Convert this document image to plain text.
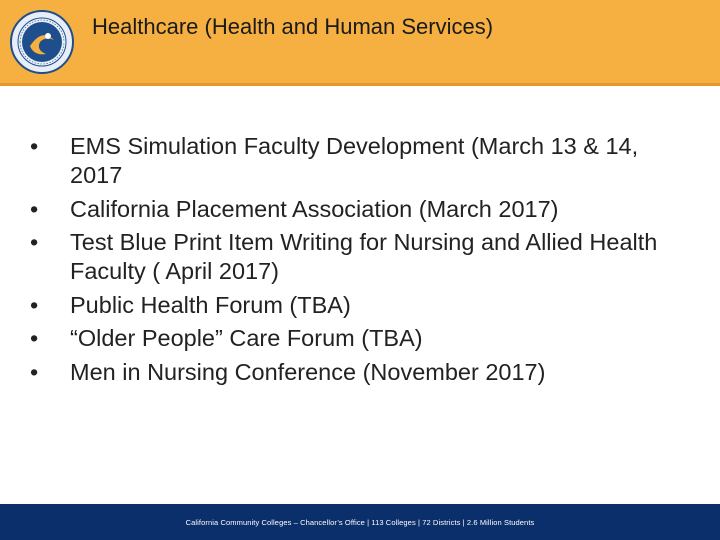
Healthcare (Health and Human Services)
•	EMS Simulation Faculty Development (March 13 & 14, 2017
•	California Placement Association (March 2017)
•	Test Blue Print Item Writing for Nursing and Allied Health Faculty ( April 2017)
•	Public Health Forum (TBA)
•	“Older People” Care Forum (TBA)
•	Men in Nursing Conference (November 2017)
California Community Colleges – Chancellor’s Office | 113 Colleges | 72 Districts | 2.6 Million Students
